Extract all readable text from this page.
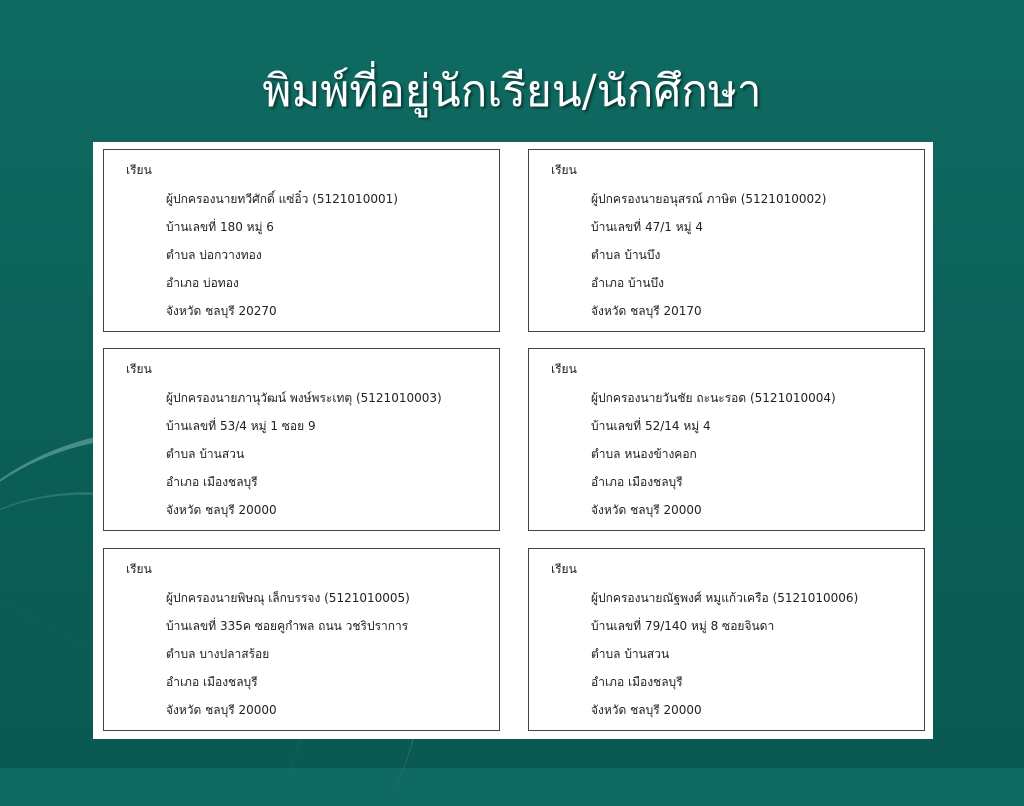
พิมพ์ที่อยู่นักเรียน/นักศึกษา
เรียน
ผู้ปกครองนายทวีศักดิ์ แซ่อิ๋ว (5121010001)
บ้านเลขที่ 180 หมู่ 6
ตำบล บ่อกวางทอง
อำเภอ บ่อทอง
จังหวัด ชลบุรี 20270
เรียน
ผู้ปกครองนายอนุสรณ์ ภาษิต (5121010002)
บ้านเลขที่ 47/1 หมู่ 4
ตำบล บ้านบึง
อำเภอ บ้านบึง
จังหวัด ชลบุรี 20170
เรียน
ผู้ปกครองนายภานุวัฒน์ พงษ์พระเทตุ (5121010003)
บ้านเลขที่ 53/4 หมู่ 1 ซอย 9
ตำบล บ้านสวน
อำเภอ เมืองชลบุรี
จังหวัด ชลบุรี 20000
เรียน
ผู้ปกครองนายวันชัย ถะนะรอด (5121010004)
บ้านเลขที่ 52/14 หมู่ 4
ตำบล หนองข้างคอก
อำเภอ เมืองชลบุรี
จังหวัด ชลบุรี 20000
เรียน
ผู้ปกครองนายพิษณุ เล็กบรรจง (5121010005)
บ้านเลขที่ 335ค ซอยคูกำพล ถนน วชริปราการ
ตำบล บางปลาสร้อย
อำเภอ เมืองชลบุรี
จังหวัด ชลบุรี 20000
เรียน
ผู้ปกครองนายณัฐพงศ์ หมูแก้วเครือ (5121010006)
บ้านเลขที่ 79/140 หมู่ 8 ซอยจินดา
ตำบล บ้านสวน
อำเภอ เมืองชลบุรี
จังหวัด ชลบุรี 20000
